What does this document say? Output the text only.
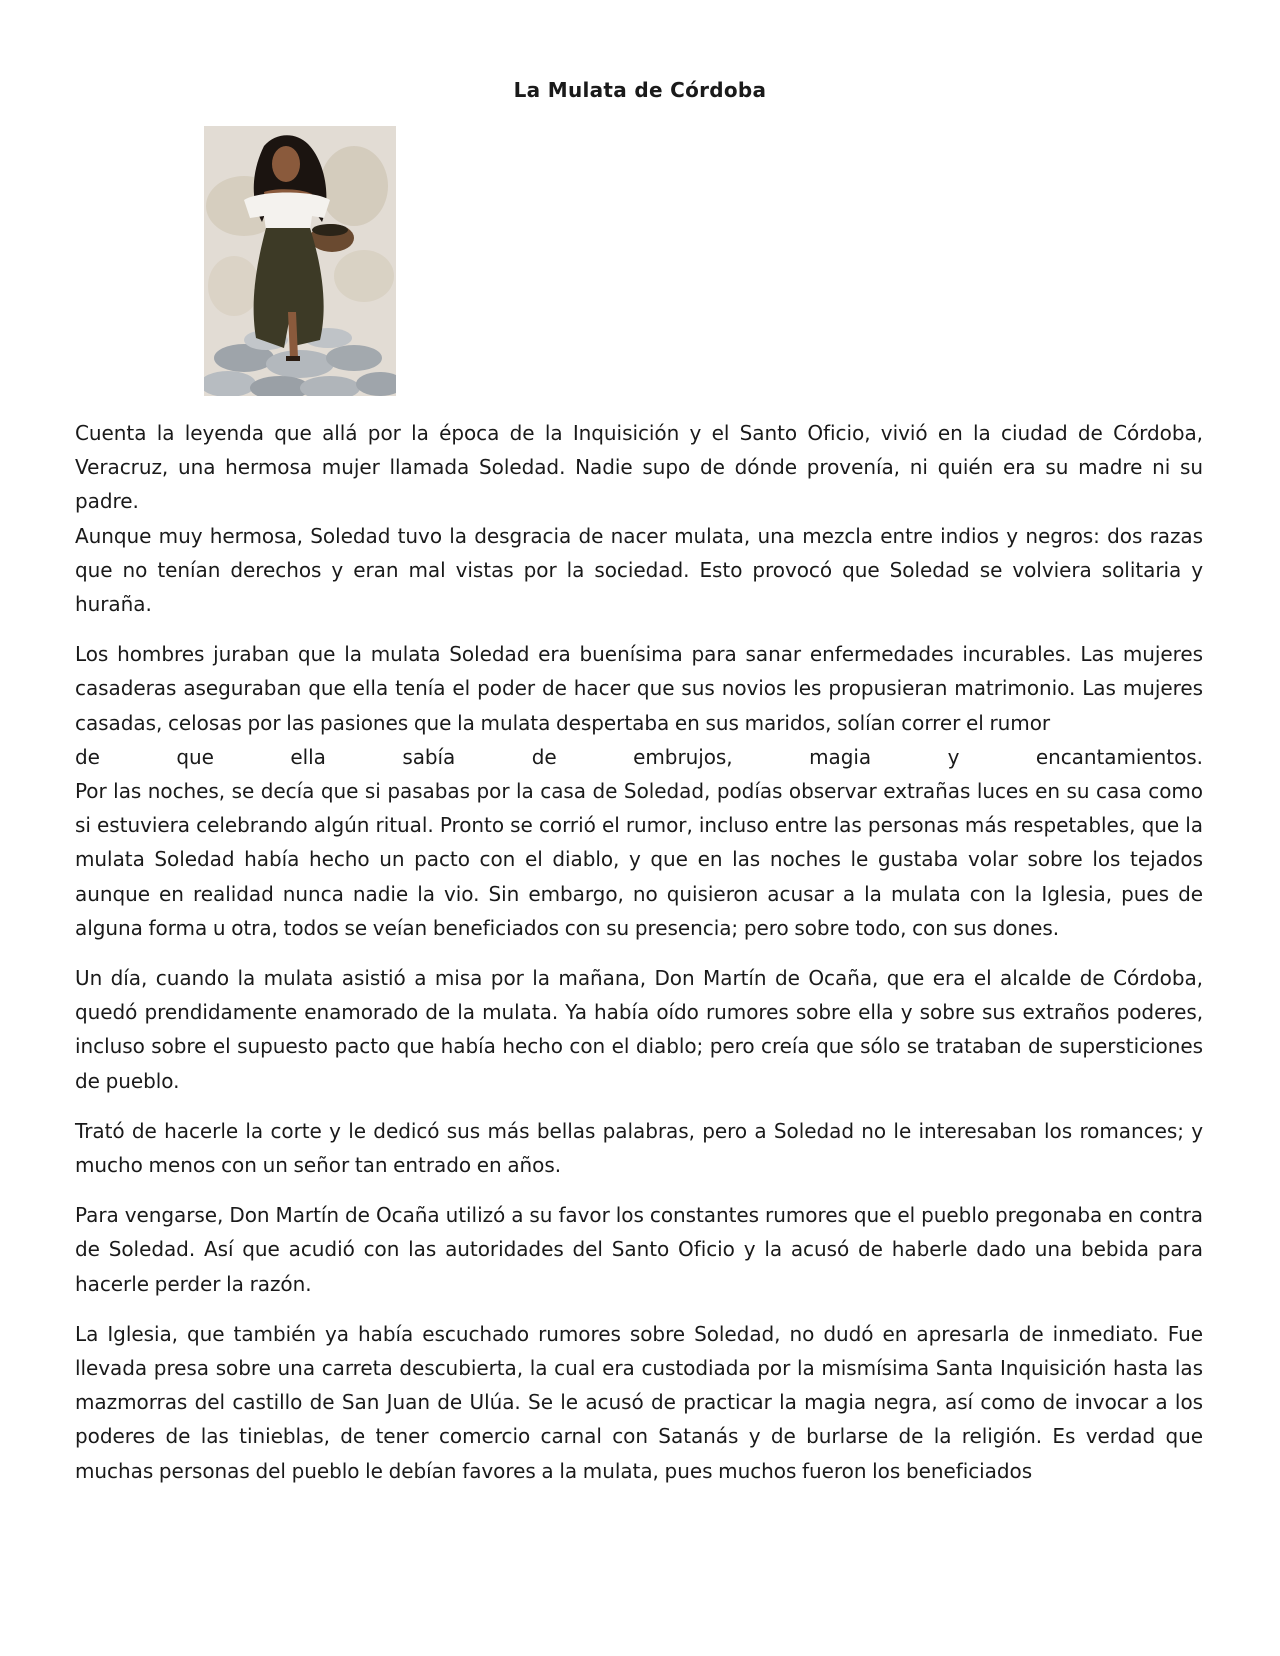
La Mulata de Córdoba

Cuenta la leyenda que allá por la época de la Inquisición y el Santo Oficio, vivió en la ciudad de Córdoba, Veracruz, una hermosa mujer llamada Soledad. Nadie supo de dónde provenía, ni quién era su madre ni su padre.

Aunque muy hermosa, Soledad tuvo la desgracia de nacer mulata, una mezcla entre indios y negros: dos razas que no tenían derechos y eran mal vistas por la sociedad. Esto provocó que Soledad se volviera solitaria y huraña.

Los hombres juraban que la mulata Soledad era buenísima para sanar enfermedades incurables. Las mujeres casaderas aseguraban que ella tenía el poder de hacer que sus novios les propusieran matrimonio. Las mujeres casadas, celosas por las pasiones que la mulata despertaba en sus maridos, solían correr el rumor
de	que	ella	sabía	de	embrujos,	magia	y	encantamientos.

Por las noches, se decía que si pasabas por la casa de Soledad, podías observar extrañas luces en su casa como si estuviera celebrando algún ritual. Pronto se corrió el rumor, incluso entre las personas más respetables, que la mulata Soledad había hecho un pacto con el diablo, y que en las noches le gustaba volar sobre los tejados aunque en realidad nunca nadie la vio. Sin embargo, no quisieron acusar a la mulata con la Iglesia, pues de alguna forma u otra, todos se veían beneficiados con su presencia; pero sobre todo, con sus dones.

Un día, cuando la mulata asistió a misa por la mañana, Don Martín de Ocaña, que era el alcalde de Córdoba, quedó prendidamente enamorado de la mulata. Ya había oído rumores sobre ella y sobre sus extraños poderes, incluso sobre el supuesto pacto que había hecho con el diablo; pero creía que sólo se trataban de supersticiones de pueblo.

Trató de hacerle la corte y le dedicó sus más bellas palabras, pero a Soledad no le interesaban los romances; y mucho menos con un señor tan entrado en años.

Para vengarse, Don Martín de Ocaña utilizó a su favor los constantes rumores que el pueblo pregonaba en contra de Soledad. Así que acudió con las autoridades del Santo Oficio y la acusó de haberle dado una bebida para hacerle perder la razón.

La Iglesia, que también ya había escuchado rumores sobre Soledad, no dudó en apresarla de inmediato. Fue llevada presa sobre una carreta descubierta, la cual era custodiada por la mismísima Santa Inquisición hasta las mazmorras del castillo de San Juan de Ulúa. Se le acusó de practicar la magia negra, así como de invocar a los poderes de las tinieblas, de tener comercio carnal con Satanás y de burlarse de la religión. Es verdad que muchas personas del pueblo le debían favores a la mulata, pues muchos fueron los beneficiados
